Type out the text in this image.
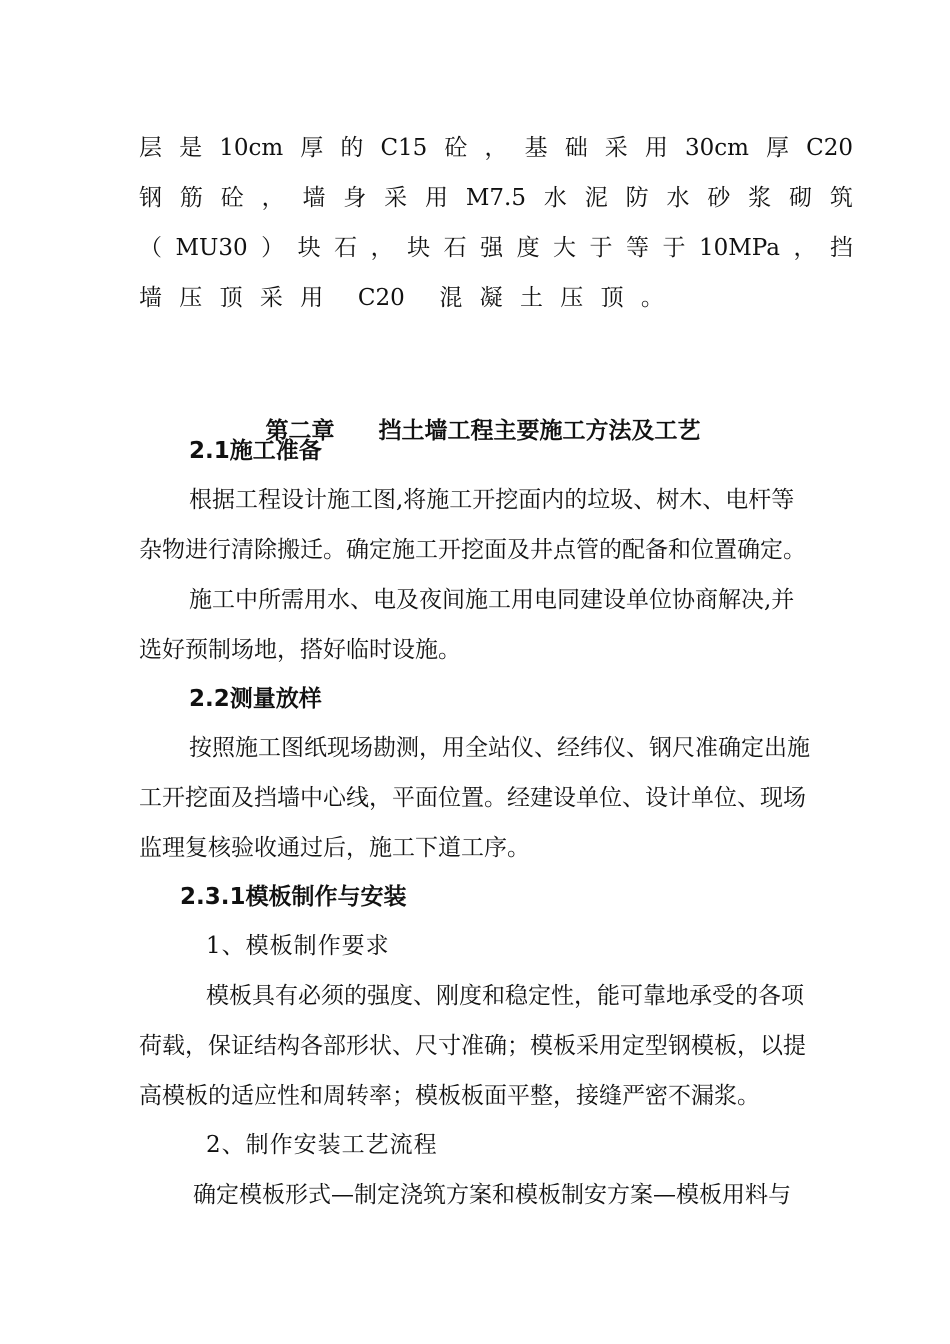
层 是 10cm 厚 的 C15 砼 ， 基 础 采 用 30cm 厚 C20
钢 筋 砼 ， 墙 身 采 用 M7.5 水 泥 防 水 砂 浆 砌 筑
（ MU30 ） 块 石 ， 块 石 强 度 大 于 等 于 10MPa ， 挡
墙 压 顶 采 用  C20  混 凝 土 压 顶 。

第二章 挡土墙工程主要施工方法及工艺

2.1施工准备
根据工程设计施工图,将施工开挖面内的垃圾、树木、电杆等
杂物进行清除搬迁。确定施工开挖面及井点管的配备和位置确定。
施工中所需用水、电及夜间施工用电同建设单位协商解决,并
选好预制场地，搭好临时设施。
2.2测量放样
按照施工图纸现场勘测，用全站仪、经纬仪、钢尺准确定出施
工开挖面及挡墙中心线，平面位置。经建设单位、设计单位、现场
监理复核验收通过后，施工下道工序。
2.3.1模板制作与安装
1、模板制作要求
模板具有必须的强度、刚度和稳定性，能可靠地承受的各项
荷载，保证结构各部形状、尺寸准确；模板采用定型钢模板，以提
高模板的适应性和周转率；模板板面平整，接缝严密不漏浆。
2、制作安装工艺流程
确定模板形式—制定浇筑方案和模板制安方案—模板用料与
